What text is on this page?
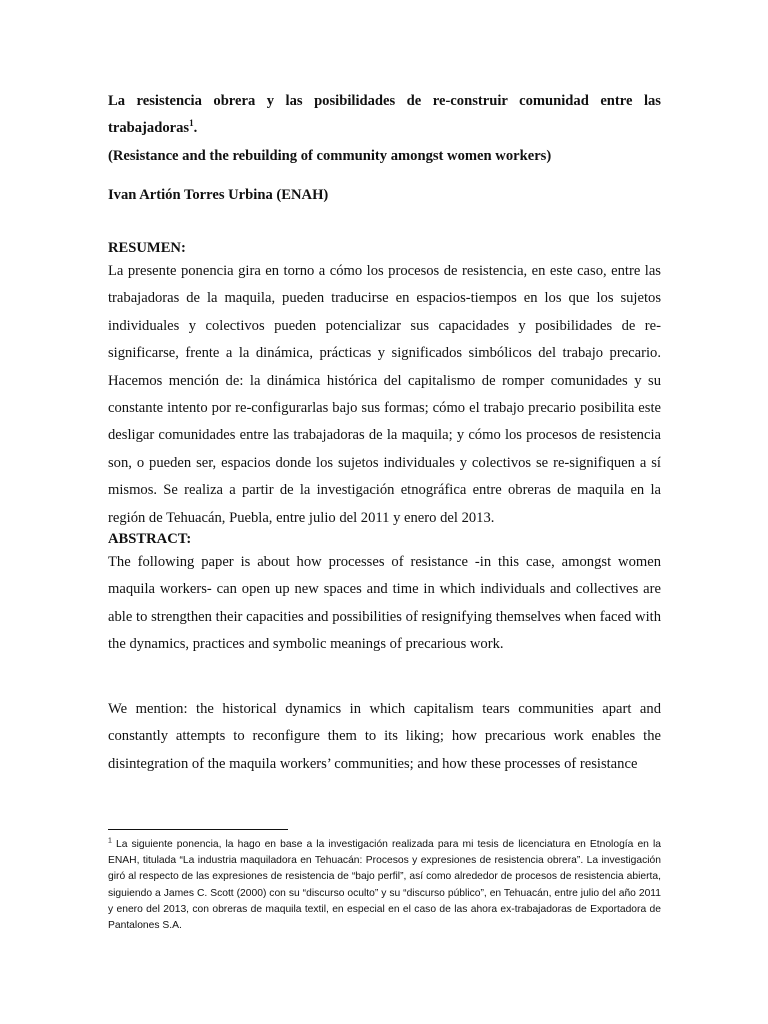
La resistencia obrera y las posibilidades de re-construir comunidad entre las trabajadoras$^1$.

(Resistance and the rebuilding of community amongst women workers)

Ivan Artión Torres Urbina (ENAH)

RESUMEN:

La presente ponencia gira en torno a cómo los procesos de resistencia, en este caso, entre las trabajadoras de la maquila, pueden traducirse en espacios-tiempos en los que los sujetos individuales y colectivos pueden potencializar sus capacidades y posibilidades de re-significarse, frente a la dinámica, prácticas y significados simbólicos del trabajo precario. Hacemos mención de: la dinámica histórica del capitalismo de romper comunidades y su constante intento por re-configurarlas bajo sus formas; cómo el trabajo precario posibilita este desligar comunidades entre las trabajadoras de la maquila; y cómo los procesos de resistencia son, o pueden ser, espacios donde los sujetos individuales y colectivos se re-signifiquen a sí mismos. Se realiza a partir de la investigación etnográfica entre obreras de maquila en la región de Tehuacán, Puebla, entre julio del 2011 y enero del 2013.

ABSTRACT:

The following paper is about how processes of resistance -in this case, amongst women maquila workers- can open up new spaces and time in which individuals and collectives are able to strengthen their capacities and possibilities of resignifying themselves when faced with the dynamics, practices and symbolic meanings of precarious work.

We mention: the historical dynamics in which capitalism tears communities apart and constantly attempts to reconfigure them to its liking; how precarious work enables the disintegration of the maquila workers’ communities; and how these processes of resistance

$^1$ La siguiente ponencia, la hago en base a la investigación realizada para mi tesis de licenciatura en Etnología en la ENAH, titulada “La industria maquiladora en Tehuacán: Procesos y expresiones de resistencia obrera”. La investigación giró al respecto de las expresiones de resistencia de “bajo perfil”, así como alrededor de procesos de resistencia abierta, siguiendo a James C. Scott (2000) con su “discurso oculto” y su “discurso público”, en Tehuacán, entre julio del año 2011 y enero del 2013, con obreras de maquila textil, en especial en el caso de las ahora ex-trabajadoras de Exportadora de Pantalones S.A.
